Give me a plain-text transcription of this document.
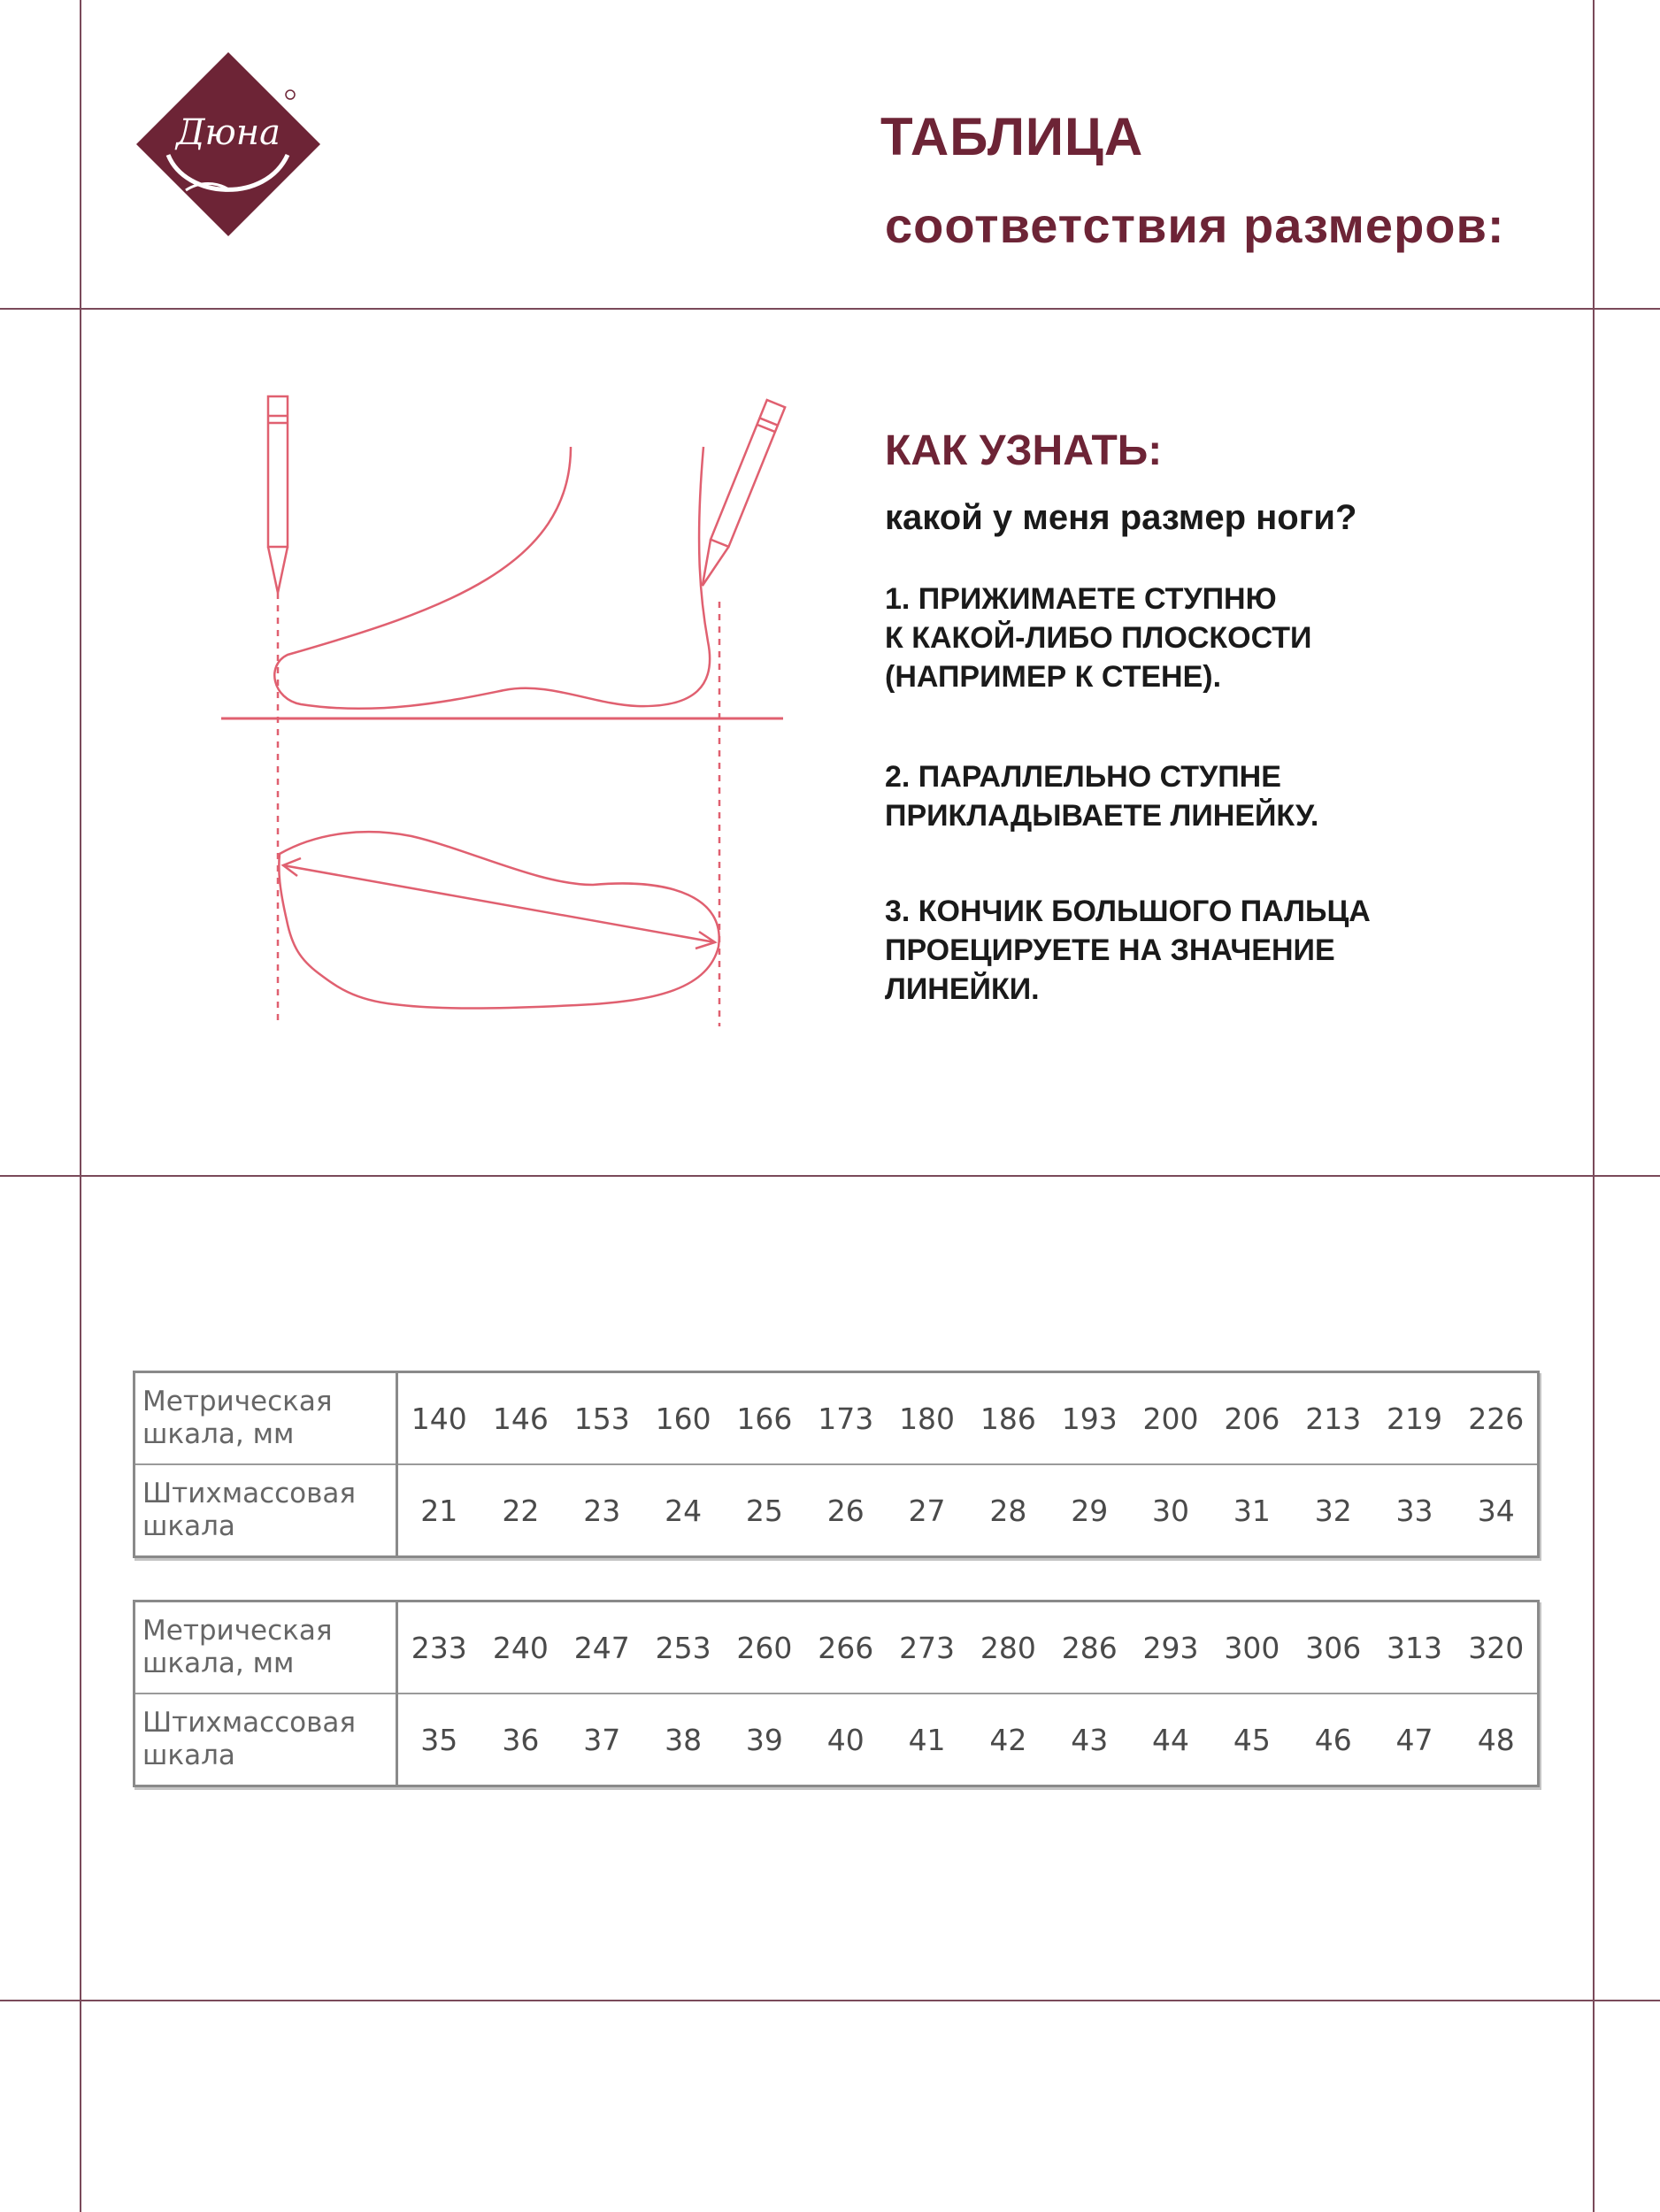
Дюна	ТАБЛИЦА
соответствия размеров:
КАК УЗНАТЬ:
какой у меня размер ноги?
1. ПРИЖИМАЕТЕ СТУПНЮ
К КАКОЙ-ЛИБО ПЛОСКОСТИ
(НАПРИМЕР К СТЕНЕ).
2. ПАРАЛЛЕЛЬНО СТУПНЕ
ПРИКЛАДЫВАЕТЕ ЛИНЕЙКУ.
3. КОНЧИК БОЛЬШОГО ПАЛЬЦА
ПРОЕЦИРУЕТЕ НА ЗНАЧЕНИЕ
ЛИНЕЙКИ.
Метрическая
шкала, мм	140	146	153	160	166	173	180	186	193	200	206	213	219	226

Штихмассовая
шкала	21	22	23	24	25	26	27	28	29	30	31	32	33	34
Метрическая
шкала, мм	233	240	247	253	260	266	273	280	286	293	300	306	313	320

Штихмассовая
шкала	35	36	37	38	39	40	41	42	43	44	45	46	47	48
